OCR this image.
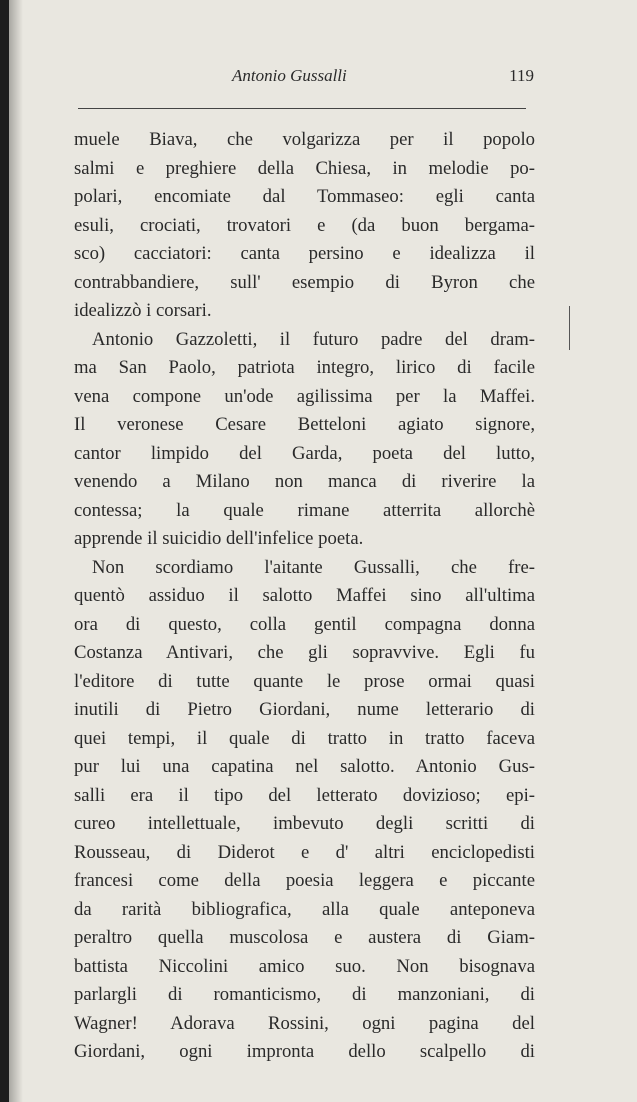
Antonio Gussalli	119
muele Biava, che volgarizza per il popolo
salmi e preghiere della Chiesa, in melodie po-
polari, encomiate dal Tommaseo: egli canta
esuli, crociati, trovatori e (da buon bergama-
sco) cacciatori: canta persino e idealizza il
contrabbandiere, sull' esempio di Byron che
idealizzò i corsari.
Antonio Gazzoletti, il futuro padre del dram-
ma San Paolo, patriota integro, lirico di facile
vena compone un'ode agilissima per la Maffei.
Il veronese Cesare Betteloni agiato signore,
cantor limpido del Garda, poeta del lutto,
venendo a Milano non manca di riverire la
contessa; la quale rimane atterrita allorchè
apprende il suicidio dell'infelice poeta.
Non scordiamo l'aitante Gussalli, che fre-
quentò assiduo il salotto Maffei sino all'ultima
ora di questo, colla gentil compagna donna
Costanza Antivari, che gli sopravvive. Egli fu
l'editore di tutte quante le prose ormai quasi
inutili di Pietro Giordani, nume letterario di
quei tempi, il quale di tratto in tratto faceva
pur lui una capatina nel salotto. Antonio Gus-
salli era il tipo del letterato dovizioso; epi-
cureo intellettuale, imbevuto degli scritti di
Rousseau, di Diderot e d' altri enciclopedisti
francesi come della poesia leggera e piccante
da rarità bibliografica, alla quale anteponeva
peraltro quella muscolosa e austera di Giam-
battista Niccolini amico suo. Non bisognava
parlargli di romanticismo, di manzoniani, di
Wagner! Adorava Rossini, ogni pagina del
Giordani, ogni impronta dello scalpello di
